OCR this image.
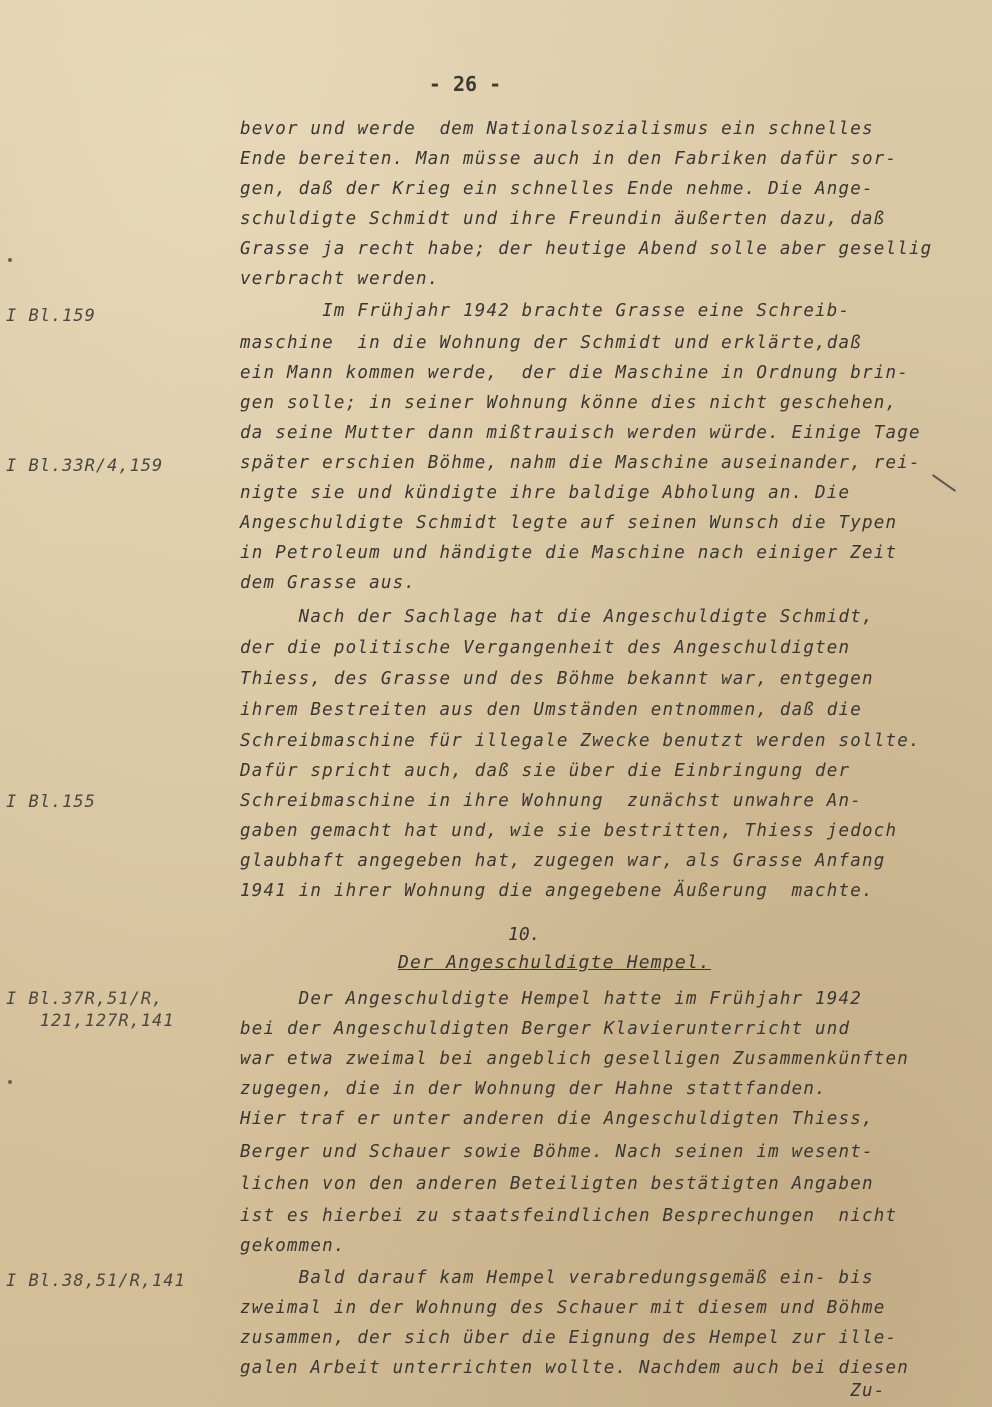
- 26 -
I Bl.159
I Bl.33R/4,159
I Bl.155
I Bl.37R,51/R,
121,127R,141
I Bl.38,51/R,141
bevor und werde  dem Nationalsozialismus ein schnelles
Ende bereiten. Man müsse auch in den Fabriken dafür sor-
gen, daß der Krieg ein schnelles Ende nehme. Die Ange-
schuldigte Schmidt und ihre Freundin äußerten dazu, daß
Grasse ja recht habe; der heutige Abend solle aber gesellig
verbracht werden.
Im Frühjahr 1942 brachte Grasse eine Schreib-
maschine  in die Wohnung der Schmidt und erklärte,daß
ein Mann kommen werde,  der die Maschine in Ordnung brin-
gen solle; in seiner Wohnung könne dies nicht geschehen,
da seine Mutter dann mißtrauisch werden würde. Einige Tage
später erschien Böhme, nahm die Maschine auseinander, rei-
nigte sie und kündigte ihre baldige Abholung an. Die
Angeschuldigte Schmidt legte auf seinen Wunsch die Typen
in Petroleum und händigte die Maschine nach einiger Zeit
dem Grasse aus.
Nach der Sachlage hat die Angeschuldigte Schmidt,
der die politische Vergangenheit des Angeschuldigten
Thiess, des Grasse und des Böhme bekannt war, entgegen
ihrem Bestreiten aus den Umständen entnommen, daß die
Schreibmaschine für illegale Zwecke benutzt werden sollte.
Dafür spricht auch, daß sie über die Einbringung der
Schreibmaschine in ihre Wohnung  zunächst unwahre An-
gaben gemacht hat und, wie sie bestritten, Thiess jedoch
glaubhaft angegeben hat, zugegen war, als Grasse Anfang
1941 in ihrer Wohnung die angegebene Äußerung  machte.
10.
Der Angeschuldigte Hempel.
Der Angeschuldigte Hempel hatte im Frühjahr 1942
bei der Angeschuldigten Berger Klavierunterricht und
war etwa zweimal bei angeblich geselligen Zusammenkünften
zugegen, die in der Wohnung der Hahne stattfanden.
Hier traf er unter anderen die Angeschuldigten Thiess,
Berger und Schauer sowie Böhme. Nach seinen im wesent-
lichen von den anderen Beteiligten bestätigten Angaben
ist es hierbei zu staatsfeindlichen Besprechungen  nicht
gekommen.
Bald darauf kam Hempel verabredungsgemäß ein- bis
zweimal in der Wohnung des Schauer mit diesem und Böhme
zusammen, der sich über die Eignung des Hempel zur ille-
galen Arbeit unterrichten wollte. Nachdem auch bei diesen
Zu-
